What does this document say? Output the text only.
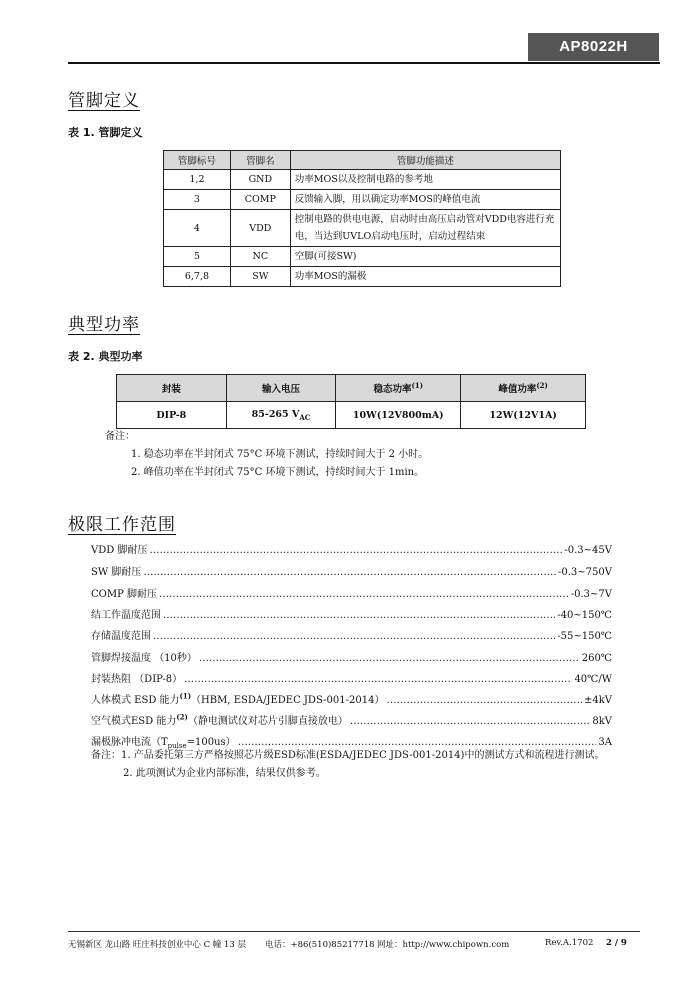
AP8022H
管脚定义
表 1. 管脚定义
管脚标号	管脚名	管脚功能描述
1,2	GND	功率MOS以及控制电路的参考地
3	COMP	反馈输入脚，用以确定功率MOS的峰值电流
4	VDD	控制电路的供电电源，启动时由高压启动管对VDD电容进行充电，当达到UVLO启动电压时，启动过程结束
5	NC	空脚(可接SW)
6,7,8	SW	功率MOS的漏极
典型功率
表 2. 典型功率
封装	输入电压	稳态功率$^{(1)}$	峰值功率$^{(2)}$
DIP-8	85-265 $V_{AC}$	10W(12V800mA)	12W(12V1A)
备注：
1. 稳态功率在半封闭式 75°C 环境下测试，持续时间大于 2 小时。
2. 峰值功率在半封闭式 75°C 环境下测试，持续时间大于 1min。
极限工作范围
VDD 脚耐压 ……………………………………………………………………………………………………………………………………………………………………………………………	-0.3~45V
SW 脚耐压 ……………………………………………………………………………………………………………………………………………………………………………………………	-0.3~750V
COMP 脚耐压 ……………………………………………………………………………………………………………………………………………………………………………………………	-0.3~7V
结工作温度范围 ……………………………………………………………………………………………………………………………………………………………………………………………	-40~150℃
存储温度范围 ……………………………………………………………………………………………………………………………………………………………………………………………	-55~150℃
管脚焊接温度 （10秒） ……………………………………………………………………………………………………………………………………………………………………………………………	260℃
封装热阻 （DIP-8） ……………………………………………………………………………………………………………………………………………………………………………………………	40℃/W
人体模式 ESD 能力$^{(1)}$（HBM, ESDA/JEDEC JDS-001-2014） ……………………………………………………………………………………………………………………………………………………………………………………………	±4kV
空气模式ESD 能力$^{(2)}$（静电测试仪对芯片引脚直接放电） ……………………………………………………………………………………………………………………………………………………………………………………………	8kV
漏极脉冲电流$(T_{pulse}=100us)$ ……………………………………………………………………………………………………………………………………………………………………………………………	3A
备注： 1. 产品委托第三方严格按照芯片级ESD标准(ESDA/JEDEC JDS-001-2014)中的测试方式和流程进行测试。
2. 此项测试为企业内部标准，结果仅供参考。
无锡新区 龙山路 旺庄科技创业中心 C 幢 13 层 电话：+86(510)85217718 网址：http://www.chipown.com	Rev.A.1702 2 / 9
